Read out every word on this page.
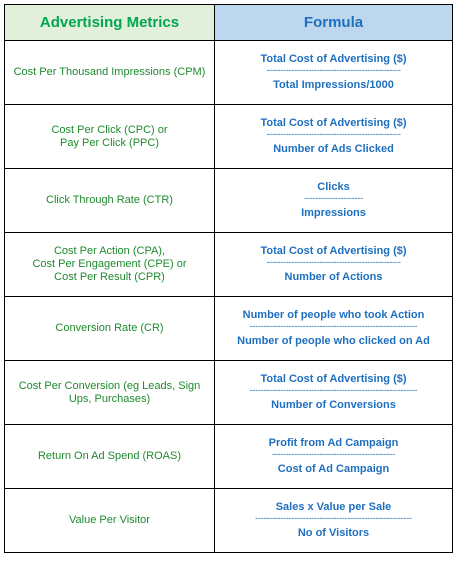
Advertising Metrics	Formula

Cost Per Thousand Impressions (CPM)	Total Cost of Advertising ($)
------------------------------------------------
Total Impressions/1000

Cost Per Click (CPC) or
Pay Per Click (PPC)	Total Cost of Advertising ($)
------------------------------------------------
Number of Ads Clicked

Click Through Rate (CTR)	Clicks
---------------------
Impressions

Cost Per Action (CPA),
Cost Per Engagement (CPE) or
Cost Per Result (CPR)	Total Cost of Advertising ($)
------------------------------------------------
Number of Actions

Conversion Rate (CR)	Number of people who took Action
------------------------------------------------------------
Number of people who clicked on Ad

Cost Per Conversion (eg Leads, Sign
Ups, Purchases)	Total Cost of Advertising ($)
------------------------------------------------------------
Number of Conversions

Return On Ad Spend (ROAS)	Profit from Ad Campaign
--------------------------------------------
Cost of Ad Campaign

Value Per Visitor	Sales x Value per Sale
--------------------------------------------------------
No of Visitors
